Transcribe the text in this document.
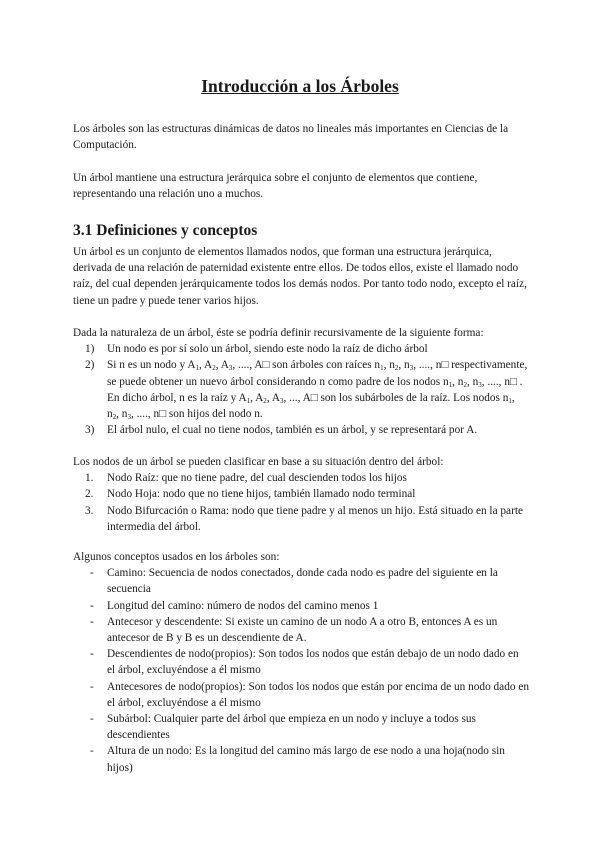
Introducción a los Árboles

Los árboles son las estructuras dinámicas de datos no lineales más importantes en Ciencias de la Computación.

Un árbol mantiene una estructura jerárquica sobre el conjunto de elementos que contiene, representando una relación uno a muchos.

3.1 Definiciones y conceptos

Un árbol es un conjunto de elementos llamados nodos, que forman una estructura jerárquica, derivada de una relación de paternidad existente entre ellos. De todos ellos, existe el llamado nodo raíz, del cual dependen jerárquicamente todos los demás nodos. Por tanto todo nodo, excepto el raíz, tiene un padre y puede tener varios hijos.

Dada la naturaleza de un árbol, éste se podría definir recursivamente de la siguiente forma:

1) Un nodo es por sí solo un árbol, siendo este nodo la raíz de dicho árbol
2) Si n es un nodo y $A_1$, $A_2$, $A_3$, ...., A□ son árboles con raíces $n_1$, $n_2$, $n_3$, ...., n□ respectivamente, se puede obtener un nuevo árbol considerando n como padre de los nodos $n_1$, $n_2$, $n_3$, ...., n□ . En dicho árbol, n es la raíz y $A_1$, $A_2$, $A_3$, ..., A□ son los subárboles de la raíz. Los nodos $n_1$, $n_2$, $n_3$, ...., n□ son hijos del nodo n.
3) El árbol nulo, el cual no tiene nodos, también es un árbol, y se representará por A.

Los nodos de un árbol se pueden clasificar en base a su situación dentro del árbol:

1. Nodo Raíz: que no tiene padre, del cual descienden todos los hijos
2. Nodo Hoja: nodo que no tiene hijos, también llamado nodo terminal
3. Nodo Bifurcación o Rama: nodo que tiene padre y al menos un hijo. Está situado en la parte intermedia del árbol.

Algunos conceptos usados en los árboles son:

- Camino: Secuencia de nodos conectados, donde cada nodo es padre del siguiente en la secuencia
- Longitud del camino: número de nodos del camino menos 1
- Antecesor y descendente: Si existe un camino de un nodo A a otro B, entonces A es un antecesor de B y B es un descendiente de A.
- Descendientes de nodo(propios): Son todos los nodos que están debajo de un nodo dado en el árbol, excluyéndose a él mismo
- Antecesores de nodo(propios): Son todos los nodos que están por encima de un nodo dado en el árbol, excluyéndose a él mismo
- Subárbol: Cualquier parte del árbol que empieza en un nodo y incluye a todos sus descendientes
- Altura de un nodo: Es la longitud del camino más largo de ese nodo a una hoja(nodo sin hijos)
